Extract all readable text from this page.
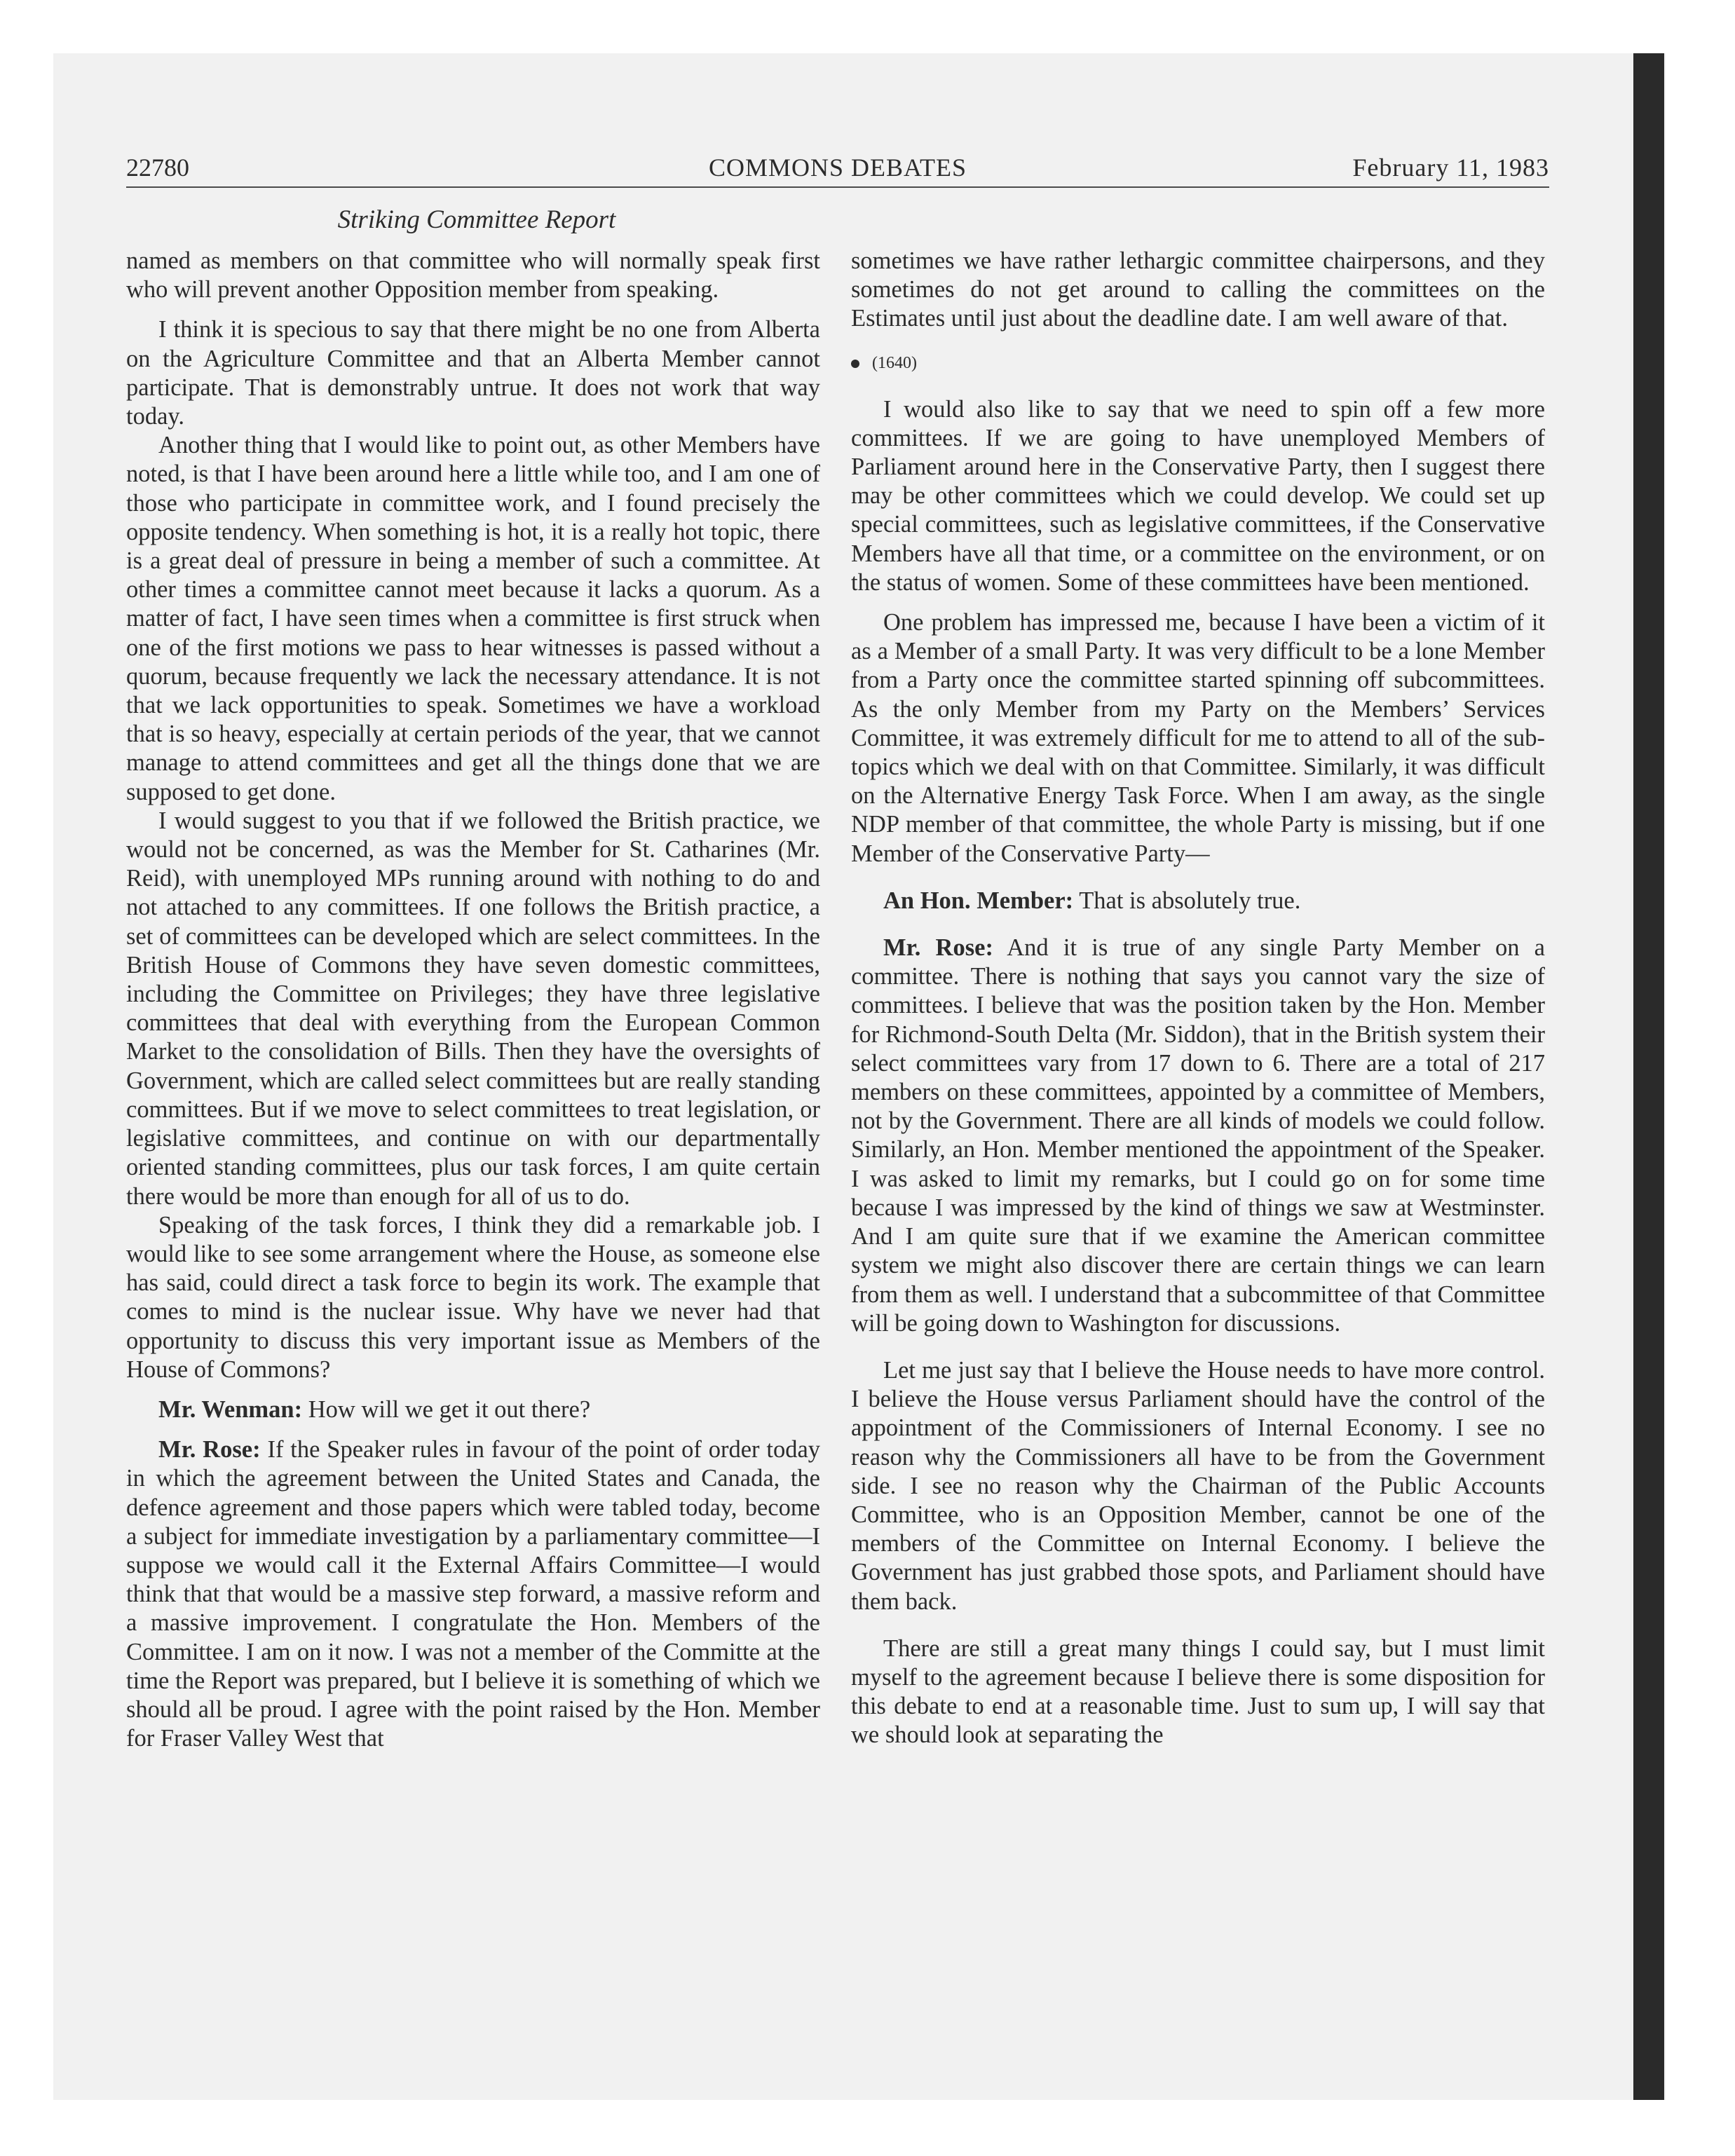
22780	COMMONS DEBATES	February 11, 1983
Striking Committee Report

named as members on that committee who will normally speak first who will prevent another Opposition member from speaking.

I think it is specious to say that there might be no one from Alberta on the Agriculture Committee and that an Alberta Member cannot participate. That is demonstrably untrue. It does not work that way today.

Another thing that I would like to point out, as other Members have noted, is that I have been around here a little while too, and I am one of those who participate in committee work, and I found precisely the opposite tendency. When something is hot, it is a really hot topic, there is a great deal of pressure in being a member of such a committee. At other times a committee cannot meet because it lacks a quorum. As a matter of fact, I have seen times when a committee is first struck when one of the first motions we pass to hear witnesses is passed without a quorum, because frequently we lack the necessary attendance. It is not that we lack opportunities to speak. Sometimes we have a workload that is so heavy, especially at certain periods of the year, that we cannot manage to attend committees and get all the things done that we are supposed to get done.

I would suggest to you that if we followed the British practice, we would not be concerned, as was the Member for St. Catharines (Mr. Reid), with unemployed MPs running around with nothing to do and not attached to any committees. If one follows the British practice, a set of committees can be developed which are select committees. In the British House of Commons they have seven domestic committees, including the Committee on Privileges; they have three legislative committees that deal with everything from the European Common Market to the consolidation of Bills. Then they have the oversights of Government, which are called select committees but are really standing committees. But if we move to select committees to treat legislation, or legislative committees, and continue on with our departmentally oriented standing committees, plus our task forces, I am quite certain there would be more than enough for all of us to do.

Speaking of the task forces, I think they did a remarkable job. I would like to see some arrangement where the House, as someone else has said, could direct a task force to begin its work. The example that comes to mind is the nuclear issue. Why have we never had that opportunity to discuss this very important issue as Members of the House of Commons?

Mr. Wenman: How will we get it out there?

Mr. Rose: If the Speaker rules in favour of the point of order today in which the agreement between the United States and Canada, the defence agreement and those papers which were tabled today, become a subject for immediate investigation by a parliamentary committee—I suppose we would call it the External Affairs Committee—I would think that that would be a massive step forward, a massive reform and a massive improvement. I congratulate the Hon. Members of the Committee. I am on it now. I was not a member of the Committe at the time the Report was prepared, but I believe it is something of which we should all be proud. I agree with the point raised by the Hon. Member for Fraser Valley West that

sometimes we have rather lethargic committee chairpersons, and they sometimes do not get around to calling the committees on the Estimates until just about the deadline date. I am well aware of that.

(1640)

I would also like to say that we need to spin off a few more committees. If we are going to have unemployed Members of Parliament around here in the Conservative Party, then I suggest there may be other committees which we could develop. We could set up special committees, such as legislative committees, if the Conservative Members have all that time, or a committee on the environment, or on the status of women. Some of these committees have been mentioned.

One problem has impressed me, because I have been a victim of it as a Member of a small Party. It was very difficult to be a lone Member from a Party once the committee started spinning off subcommittees. As the only Member from my Party on the Members’ Services Committee, it was extremely difficult for me to attend to all of the sub-topics which we deal with on that Committee. Similarly, it was difficult on the Alternative Energy Task Force. When I am away, as the single NDP member of that committee, the whole Party is missing, but if one Member of the Conservative Party—

An Hon. Member: That is absolutely true.

Mr. Rose: And it is true of any single Party Member on a committee. There is nothing that says you cannot vary the size of committees. I believe that was the position taken by the Hon. Member for Richmond-South Delta (Mr. Siddon), that in the British system their select committees vary from 17 down to 6. There are a total of 217 members on these committees, appointed by a committee of Members, not by the Government. There are all kinds of models we could follow. Similarly, an Hon. Member mentioned the appointment of the Speaker. I was asked to limit my remarks, but I could go on for some time because I was impressed by the kind of things we saw at Westminster. And I am quite sure that if we examine the American committee system we might also discover there are certain things we can learn from them as well. I understand that a subcommittee of that Committee will be going down to Washington for discussions.

Let me just say that I believe the House needs to have more control. I believe the House versus Parliament should have the control of the appointment of the Commissioners of Internal Economy. I see no reason why the Commissioners all have to be from the Government side. I see no reason why the Chairman of the Public Accounts Committee, who is an Opposition Member, cannot be one of the members of the Committee on Internal Economy. I believe the Government has just grabbed those spots, and Parliament should have them back.

There are still a great many things I could say, but I must limit myself to the agreement because I believe there is some disposition for this debate to end at a reasonable time. Just to sum up, I will say that we should look at separating the
